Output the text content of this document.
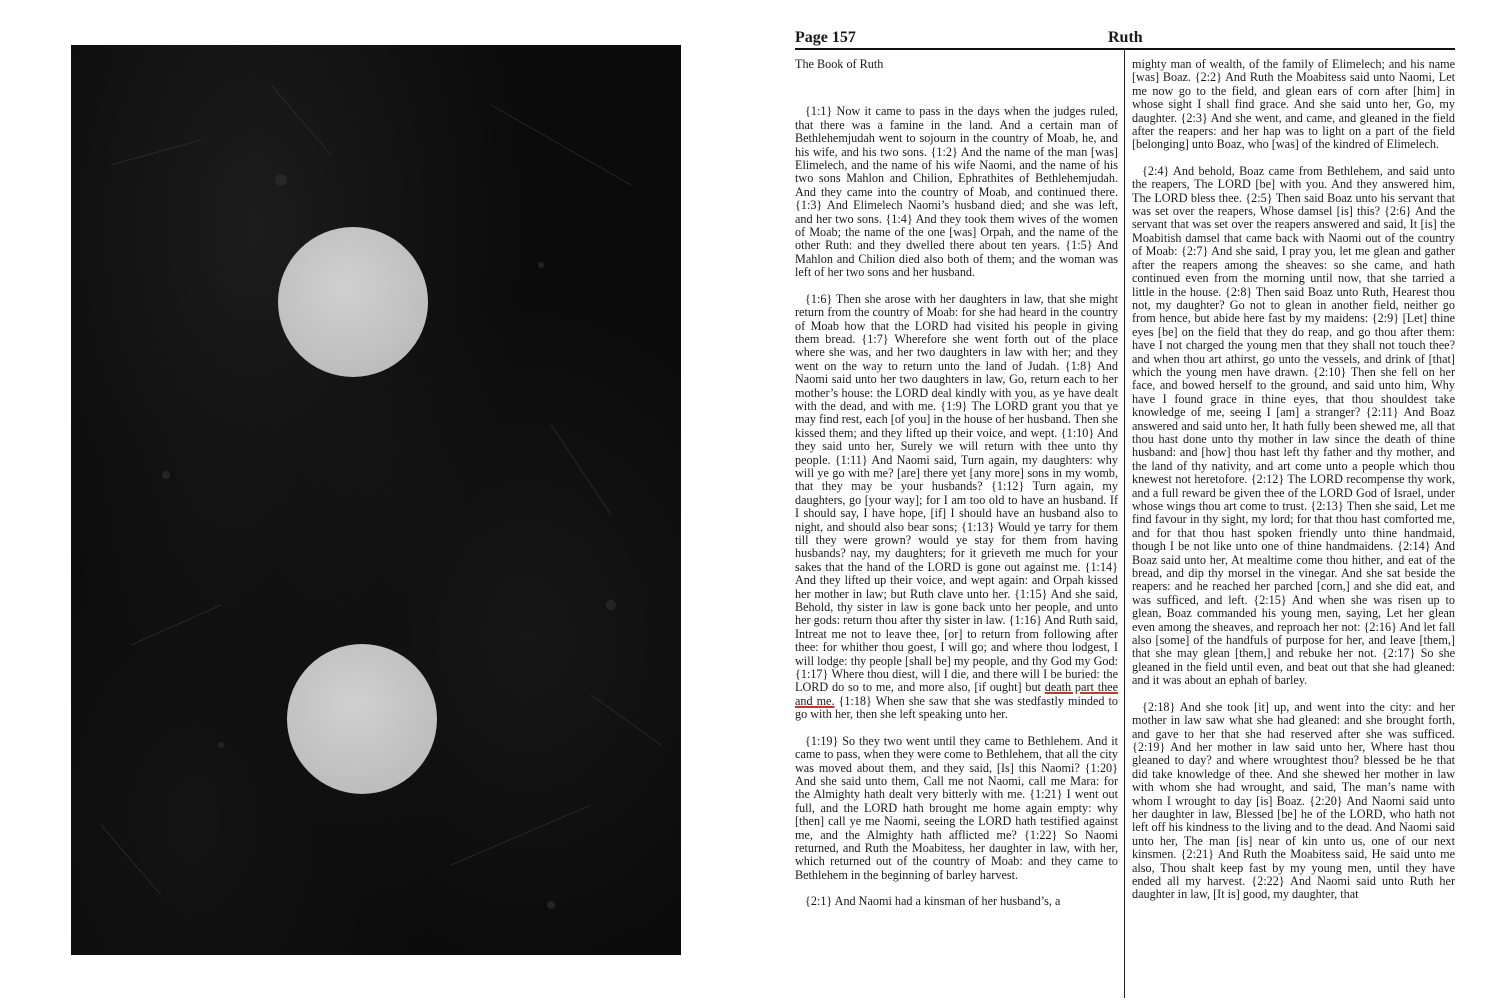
Page 157	Ruth

The Book of Ruth

{1:1} Now it came to pass in the days when the judges ruled, that there was a famine in the land. And a certain man of Bethlehemjudah went to sojourn in the country of Moab, he, and his wife, and his two sons. {1:2} And the name of the man [was] Elimelech, and the name of his wife Naomi, and the name of his two sons Mahlon and Chilion, Ephrathites of Bethlehemjudah. And they came into the country of Moab, and continued there. {1:3} And Elimelech Naomi’s husband died; and she was left, and her two sons. {1:4} And they took them wives of the women of Moab; the name of the one [was] Orpah, and the name of the other Ruth: and they dwelled there about ten years. {1:5} And Mahlon and Chilion died also both of them; and the woman was left of her two sons and her husband.

{1:6} Then she arose with her daughters in law, that she might return from the country of Moab: for she had heard in the country of Moab how that the LORD had visited his people in giving them bread. {1:7} Wherefore she went forth out of the place where she was, and her two daughters in law with her; and they went on the way to return unto the land of Judah. {1:8} And Naomi said unto her two daughters in law, Go, return each to her mother’s house: the LORD deal kindly with you, as ye have dealt with the dead, and with me. {1:9} The LORD grant you that ye may find rest, each [of you] in the house of her husband. Then she kissed them; and they lifted up their voice, and wept. {1:10} And they said unto her, Surely we will return with thee unto thy people. {1:11} And Naomi said, Turn again, my daughters: why will ye go with me? [are] there yet [any more] sons in my womb, that they may be your husbands? {1:12} Turn again, my daughters, go [your way]; for I am too old to have an husband. If I should say, I have hope, [if] I should have an husband also to night, and should also bear sons; {1:13} Would ye tarry for them till they were grown? would ye stay for them from having husbands? nay, my daughters; for it grieveth me much for your sakes that the hand of the LORD is gone out against me. {1:14} And they lifted up their voice, and wept again: and Orpah kissed her mother in law; but Ruth clave unto her. {1:15} And she said, Behold, thy sister in law is gone back unto her people, and unto her gods: return thou after thy sister in law. {1:16} And Ruth said, Intreat me not to leave thee, [or] to return from following after thee: for whither thou goest, I will go; and where thou lodgest, I will lodge: thy people [shall be] my people, and thy God my God: {1:17} Where thou diest, will I die, and there will I be buried: the LORD do so to me, and more also, [if ought] but death part thee and me. {1:18} When she saw that she was stedfastly minded to go with her, then she left speaking unto her.

{1:19} So they two went until they came to Bethlehem. And it came to pass, when they were come to Bethlehem, that all the city was moved about them, and they said, [Is] this Naomi? {1:20} And she said unto them, Call me not Naomi, call me Mara: for the Almighty hath dealt very bitterly with me. {1:21} I went out full, and the LORD hath brought me home again empty: why [then] call ye me Naomi, seeing the LORD hath testified against me, and the Almighty hath afflicted me? {1:22} So Naomi returned, and Ruth the Moabitess, her daughter in law, with her, which returned out of the country of Moab: and they came to Bethlehem in the beginning of barley harvest.

{2:1} And Naomi had a kinsman of her husband’s, a

mighty man of wealth, of the family of Elimelech; and his name [was] Boaz. {2:2} And Ruth the Moabitess said unto Naomi, Let me now go to the field, and glean ears of corn after [him] in whose sight I shall find grace. And she said unto her, Go, my daughter. {2:3} And she went, and came, and gleaned in the field after the reapers: and her hap was to light on a part of the field [belonging] unto Boaz, who [was] of the kindred of Elimelech.

{2:4} And behold, Boaz came from Bethlehem, and said unto the reapers, The LORD [be] with you. And they answered him, The LORD bless thee. {2:5} Then said Boaz unto his servant that was set over the reapers, Whose damsel [is] this? {2:6} And the servant that was set over the reapers answered and said, It [is] the Moabitish damsel that came back with Naomi out of the country of Moab: {2:7} And she said, I pray you, let me glean and gather after the reapers among the sheaves: so she came, and hath continued even from the morning until now, that she tarried a little in the house. {2:8} Then said Boaz unto Ruth, Hearest thou not, my daughter? Go not to glean in another field, neither go from hence, but abide here fast by my maidens: {2:9} [Let] thine eyes [be] on the field that they do reap, and go thou after them: have I not charged the young men that they shall not touch thee? and when thou art athirst, go unto the vessels, and drink of [that] which the young men have drawn. {2:10} Then she fell on her face, and bowed herself to the ground, and said unto him, Why have I found grace in thine eyes, that thou shouldest take knowledge of me, seeing I [am] a stranger? {2:11} And Boaz answered and said unto her, It hath fully been shewed me, all that thou hast done unto thy mother in law since the death of thine husband: and [how] thou hast left thy father and thy mother, and the land of thy nativity, and art come unto a people which thou knewest not heretofore. {2:12} The LORD recompense thy work, and a full reward be given thee of the LORD God of Israel, under whose wings thou art come to trust. {2:13} Then she said, Let me find favour in thy sight, my lord; for that thou hast comforted me, and for that thou hast spoken friendly unto thine handmaid, though I be not like unto one of thine handmaidens. {2:14} And Boaz said unto her, At mealtime come thou hither, and eat of the bread, and dip thy morsel in the vinegar. And she sat beside the reapers: and he reached her parched [corn,] and she did eat, and was sufficed, and left. {2:15} And when she was risen up to glean, Boaz commanded his young men, saying, Let her glean even among the sheaves, and reproach her not: {2:16} And let fall also [some] of the handfuls of purpose for her, and leave [them,] that she may glean [them,] and rebuke her not. {2:17} So she gleaned in the field until even, and beat out that she had gleaned: and it was about an ephah of barley.

{2:18} And she took [it] up, and went into the city: and her mother in law saw what she had gleaned: and she brought forth, and gave to her that she had reserved after she was sufficed. {2:19} And her mother in law said unto her, Where hast thou gleaned to day? and where wroughtest thou? blessed be he that did take knowledge of thee. And she shewed her mother in law with whom she had wrought, and said, The man’s name with whom I wrought to day [is] Boaz. {2:20} And Naomi said unto her daughter in law, Blessed [be] he of the LORD, who hath not left off his kindness to the living and to the dead. And Naomi said unto her, The man [is] near of kin unto us, one of our next kinsmen. {2:21} And Ruth the Moabitess said, He said unto me also, Thou shalt keep fast by my young men, until they have ended all my harvest. {2:22} And Naomi said unto Ruth her daughter in law, [It is] good, my daughter, that
